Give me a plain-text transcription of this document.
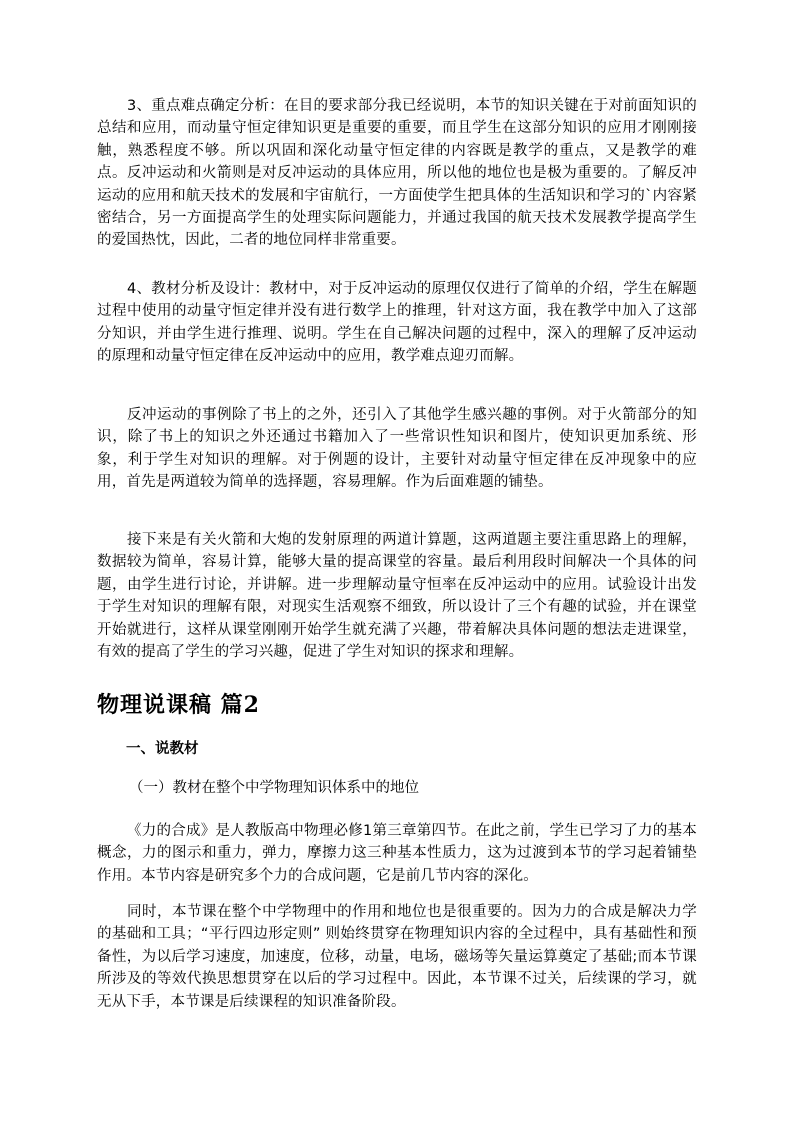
3、重点难点确定分析：在目的要求部分我已经说明，本节的知识关键在于对前面知识的总结和应用，而动量守恒定律知识更是重要的重要，而且学生在这部分知识的应用才刚刚接触，熟悉程度不够。所以巩固和深化动量守恒定律的内容既是教学的重点，又是教学的难点。反冲运动和火箭则是对反冲运动的具体应用，所以他的地位也是极为重要的。了解反冲运动的应用和航天技术的发展和宇宙航行，一方面使学生把具体的生活知识和学习的`内容紧密结合，另一方面提高学生的处理实际问题能力，并通过我国的航天技术发展教学提高学生的爱国热忱，因此，二者的地位同样非常重要。

4、教材分析及设计：教材中，对于反冲运动的原理仅仅进行了简单的介绍，学生在解题过程中使用的动量守恒定律并没有进行数学上的推理，针对这方面，我在教学中加入了这部分知识，并由学生进行推理、说明。学生在自己解决问题的过程中，深入的理解了反冲运动的原理和动量守恒定律在反冲运动中的应用，教学难点迎刃而解。

反冲运动的事例除了书上的之外，还引入了其他学生感兴趣的事例。对于火箭部分的知识，除了书上的知识之外还通过书籍加入了一些常识性知识和图片，使知识更加系统、形象，利于学生对知识的理解。对于例题的设计，主要针对动量守恒定律在反冲现象中的应用，首先是两道较为简单的选择题，容易理解。作为后面难题的铺垫。

接下来是有关火箭和大炮的发射原理的两道计算题，这两道题主要注重思路上的理解，数据较为简单，容易计算，能够大量的提高课堂的容量。最后利用段时间解决一个具体的问题，由学生进行讨论，并讲解。进一步理解动量守恒率在反冲运动中的应用。试验设计出发于学生对知识的理解有限，对现实生活观察不细致，所以设计了三个有趣的试验，并在课堂开始就进行，这样从课堂刚刚开始学生就充满了兴趣，带着解决具体问题的想法走进课堂，有效的提高了学生的学习兴趣，促进了学生对知识的探求和理解。

物理说课稿 篇2
一、说教材

（一）教材在整个中学物理知识体系中的地位

《力的合成》是人教版高中物理必修1第三章第四节。在此之前，学生已学习了力的基本概念，力的图示和重力，弹力，摩擦力这三种基本性质力，这为过渡到本节的学习起着铺垫作用。本节内容是研究多个力的合成问题，它是前几节内容的深化。

同时，本节课在整个中学物理中的作用和地位也是很重要的。因为力的合成是解决力学的基础和工具；“平行四边形定则” 则始终贯穿在物理知识内容的全过程中，具有基础性和预备性，为以后学习速度，加速度，位移，动量，电场，磁场等矢量运算奠定了基础;而本节课所涉及的等效代换思想贯穿在以后的学习过程中。因此，本节课不过关，后续课的学习，就无从下手，本节课是后续课程的知识准备阶段。
